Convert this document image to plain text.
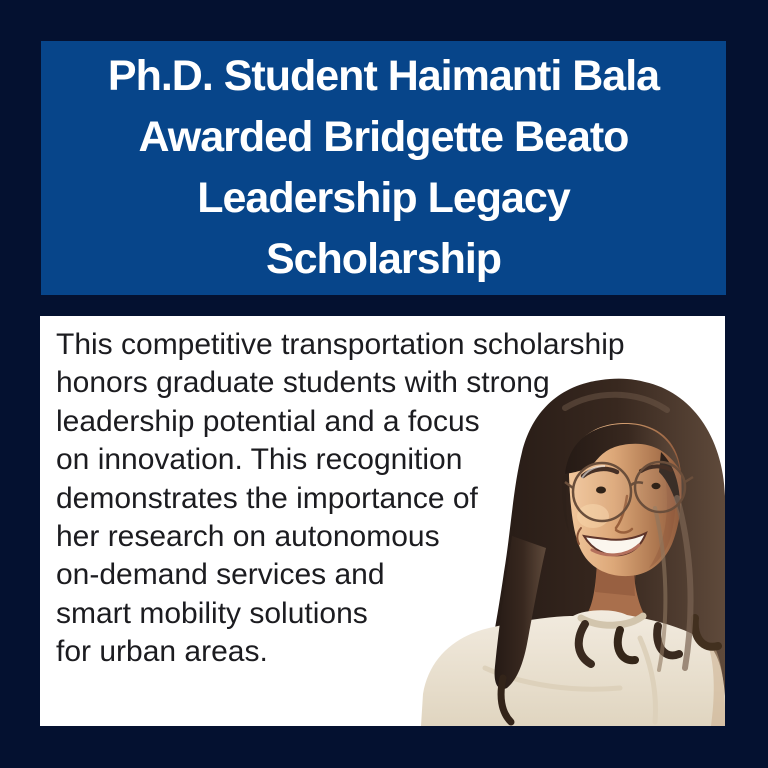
Ph.D. Student Haimanti Bala
Awarded Bridgette Beato
Leadership Legacy
Scholarship
This competitive transportation scholarship
honors graduate students with strong
leadership potential and a focus
on innovation. This recognition
demonstrates the importance of
her research on autonomous
on-demand services and
smart mobility solutions
for urban areas.
